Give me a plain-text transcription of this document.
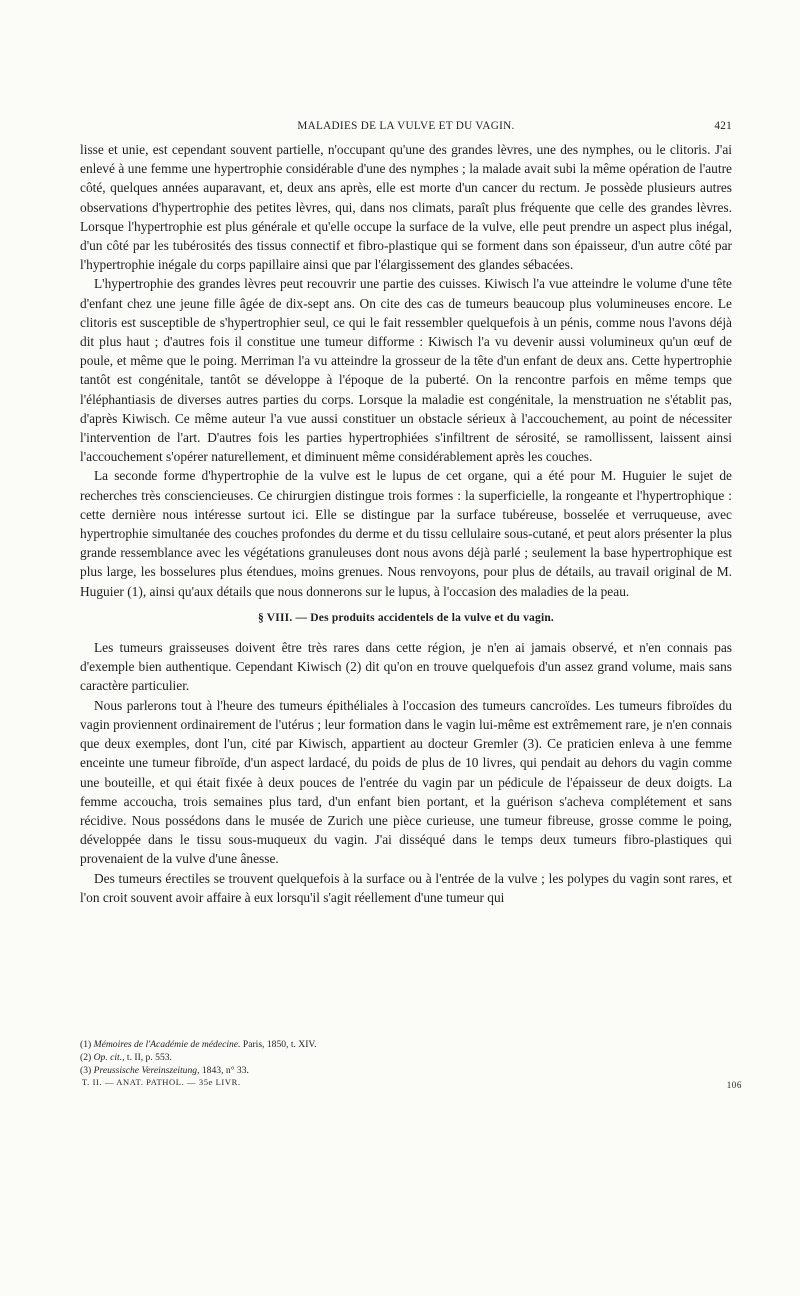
MALADIES DE LA VULVE ET DU VAGIN.	421

lisse et unie, est cependant souvent partielle, n'occupant qu'une des grandes lèvres, une des nymphes, ou le clitoris. J'ai enlevé à une femme une hypertrophie considérable d'une des nymphes ; la malade avait subi la même opération de l'autre côté, quelques années auparavant, et, deux ans après, elle est morte d'un cancer du rectum. Je possède plusieurs autres observations d'hypertrophie des petites lèvres, qui, dans nos climats, paraît plus fréquente que celle des grandes lèvres. Lorsque l'hypertrophie est plus générale et qu'elle occupe la surface de la vulve, elle peut prendre un aspect plus inégal, d'un côté par les tubérosités des tissus connectif et fibro-plastique qui se forment dans son épaisseur, d'un autre côté par l'hypertrophie inégale du corps papillaire ainsi que par l'élargissement des glandes sébacées.

L'hypertrophie des grandes lèvres peut recouvrir une partie des cuisses. Kiwisch l'a vue atteindre le volume d'une tête d'enfant chez une jeune fille âgée de dix-sept ans. On cite des cas de tumeurs beaucoup plus volumineuses encore. Le clitoris est susceptible de s'hypertrophier seul, ce qui le fait ressembler quelquefois à un pénis, comme nous l'avons déjà dit plus haut ; d'autres fois il constitue une tumeur difforme : Kiwisch l'a vu devenir aussi volumineux qu'un œuf de poule, et même que le poing. Merriman l'a vu atteindre la grosseur de la tête d'un enfant de deux ans. Cette hypertrophie tantôt est congénitale, tantôt se développe à l'époque de la puberté. On la rencontre parfois en même temps que l'éléphantiasis de diverses autres parties du corps. Lorsque la maladie est congénitale, la menstruation ne s'établit pas, d'après Kiwisch. Ce même auteur l'a vue aussi constituer un obstacle sérieux à l'accouchement, au point de nécessiter l'intervention de l'art. D'autres fois les parties hypertrophiées s'infiltrent de sérosité, se ramollissent, laissent ainsi l'accouchement s'opérer naturellement, et diminuent même considérablement après les couches.

La seconde forme d'hypertrophie de la vulve est le lupus de cet organe, qui a été pour M. Huguier le sujet de recherches très consciencieuses. Ce chirurgien distingue trois formes : la superficielle, la rongeante et l'hypertrophique : cette dernière nous intéresse surtout ici. Elle se distingue par la surface tubéreuse, bosselée et verruqueuse, avec hypertrophie simultanée des couches profondes du derme et du tissu cellulaire sous-cutané, et peut alors présenter la plus grande ressemblance avec les végétations granuleuses dont nous avons déjà parlé ; seulement la base hypertrophique est plus large, les bosselures plus étendues, moins grenues. Nous renvoyons, pour plus de détails, au travail original de M. Huguier (1), ainsi qu'aux détails que nous donnerons sur le lupus, à l'occasion des maladies de la peau.

§ VIII. — Des produits accidentels de la vulve et du vagin.

Les tumeurs graisseuses doivent être très rares dans cette région, je n'en ai jamais observé, et n'en connais pas d'exemple bien authentique. Cependant Kiwisch (2) dit qu'on en trouve quelquefois d'un assez grand volume, mais sans caractère particulier.

Nous parlerons tout à l'heure des tumeurs épithéliales à l'occasion des tumeurs cancroïdes. Les tumeurs fibroïdes du vagin proviennent ordinairement de l'utérus ; leur formation dans le vagin lui-même est extrêmement rare, je n'en connais que deux exemples, dont l'un, cité par Kiwisch, appartient au docteur Gremler (3). Ce praticien enleva à une femme enceinte une tumeur fibroïde, d'un aspect lardacé, du poids de plus de 10 livres, qui pendait au dehors du vagin comme une bouteille, et qui était fixée à deux pouces de l'entrée du vagin par un pédicule de l'épaisseur de deux doigts. La femme accoucha, trois semaines plus tard, d'un enfant bien portant, et la guérison s'acheva complétement et sans récidive. Nous possédons dans le musée de Zurich une pièce curieuse, une tumeur fibreuse, grosse comme le poing, développée dans le tissu sous-muqueux du vagin. J'ai disséqué dans le temps deux tumeurs fibro-plastiques qui provenaient de la vulve d'une ânesse.

Des tumeurs érectiles se trouvent quelquefois à la surface ou à l'entrée de la vulve ; les polypes du vagin sont rares, et l'on croit souvent avoir affaire à eux lorsqu'il s'agit réellement d'une tumeur qui

(1) Mémoires de l'Académie de médecine. Paris, 1850, t. XIV.
(2) Op. cit., t. II, p. 553.
(3) Preussische Vereinszeitung, 1843, n° 33.
T. II. — ANAT. PATHOL. — 35e LIVR.	106
